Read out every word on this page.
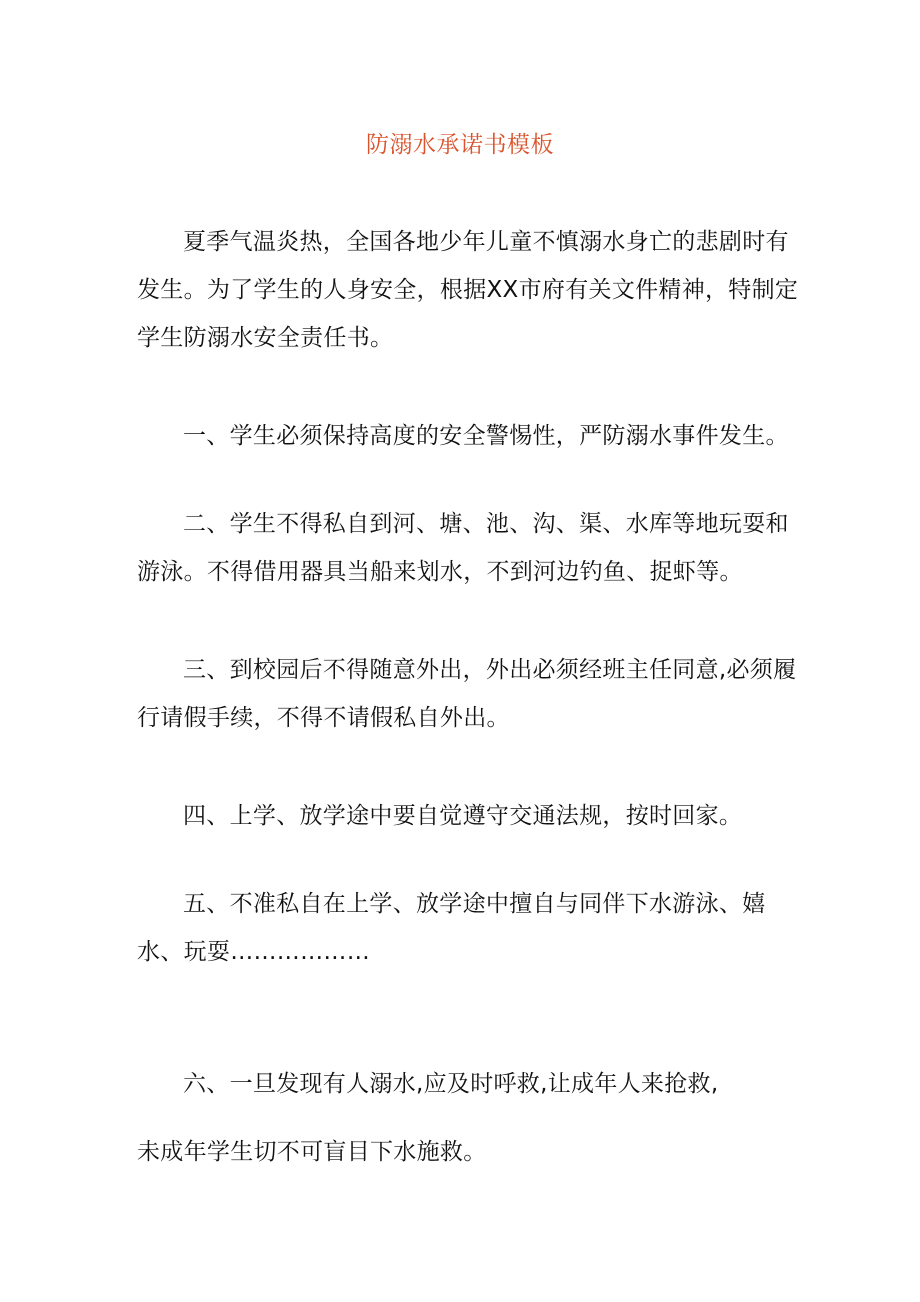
防溺水承诺书模板

夏季气温炎热，全国各地少年儿童不慎溺水身亡的悲剧时有发生。为了学生的人身安全，根据XX市府有关文件精神，特制定学生防溺水安全责任书。

一、学生必须保持高度的安全警惕性，严防溺水事件发生。

二、学生不得私自到河、塘、池、沟、渠、水库等地玩耍和游泳。不得借用器具当船来划水，不到河边钓鱼、捉虾等。

三、到校园后不得随意外出，外出必须经班主任同意,必须履行请假手续，不得不请假私自外出。

四、上学、放学途中要自觉遵守交通法规，按时回家。

五、不准私自在上学、放学途中擅自与同伴下水游泳、嬉水、玩耍………………

六、一旦发现有人溺水,应及时呼救,让成年人来抢救,

未成年学生切不可盲目下水施救。
